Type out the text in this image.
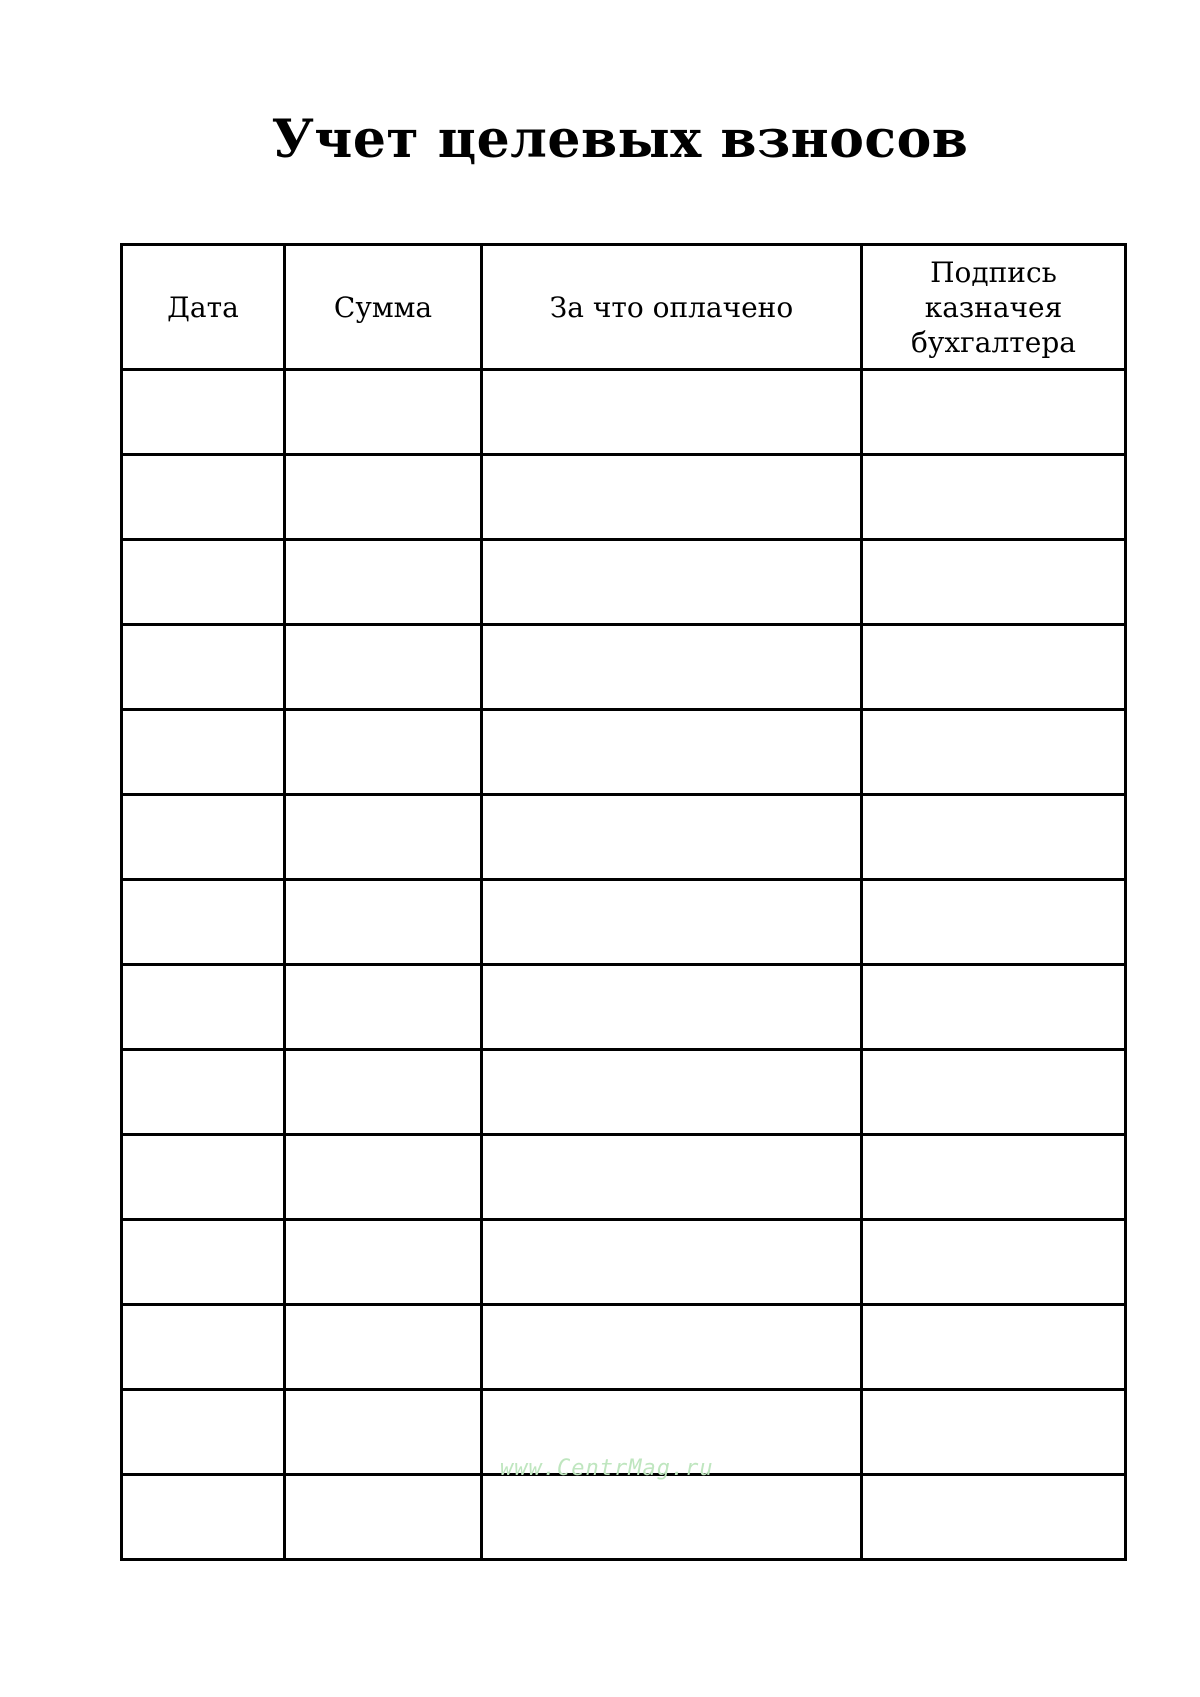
Учет целевых взносов
Дата	Сумма	За что оплачено	Подпись
казначея
бухгалтера

www.CentrMag.ru
